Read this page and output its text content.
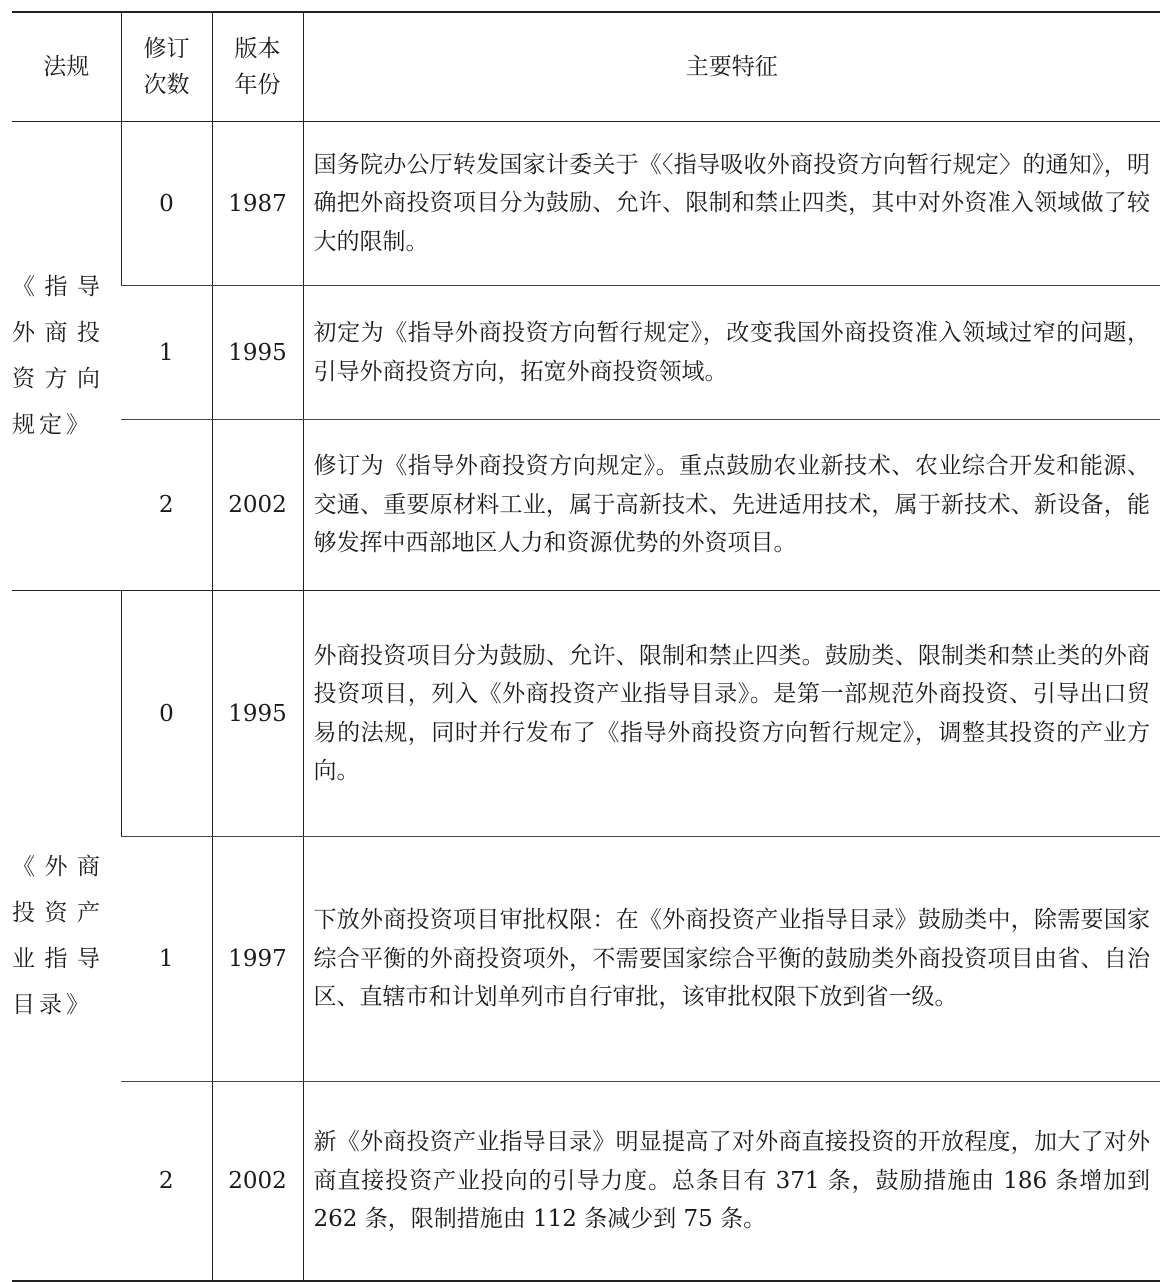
法规	修订次数	版本年份	主要特征

《指导外商投资方向规定》	0	1987	国务院办公厅转发国家计委关于《〈指导吸收外商投资方向暂行规定〉的通知》，明确把外商投资项目分为鼓励、允许、限制和禁止四类，其中对外资准入领域做了较大的限制。
	1	1995	初定为《指导外商投资方向暂行规定》，改变我国外商投资准入领域过窄的问题，引导外商投资方向，拓宽外商投资领域。
	2	2002	修订为《指导外商投资方向规定》。重点鼓励农业新技术、农业综合开发和能源、交通、重要原材料工业，属于高新技术、先进适用技术，属于新技术、新设备，能够发挥中西部地区人力和资源优势的外资项目。

《外商投资产业指导目录》	0	1995	外商投资项目分为鼓励、允许、限制和禁止四类。鼓励类、限制类和禁止类的外商投资项目，列入《外商投资产业指导目录》。是第一部规范外商投资、引导出口贸易的法规，同时并行发布了《指导外商投资方向暂行规定》，调整其投资的产业方向。
	1	1997	下放外商投资项目审批权限：在《外商投资产业指导目录》鼓励类中，除需要国家综合平衡的外商投资项外，不需要国家综合平衡的鼓励类外商投资项目由省、自治区、直辖市和计划单列市自行审批，该审批权限下放到省一级。
	2	2002	新《外商投资产业指导目录》明显提高了对外商直接投资的开放程度，加大了对外商直接投资产业投向的引导力度。总条目有 371 条，鼓励措施由 186 条增加到 262 条，限制措施由 112 条减少到 75 条。
